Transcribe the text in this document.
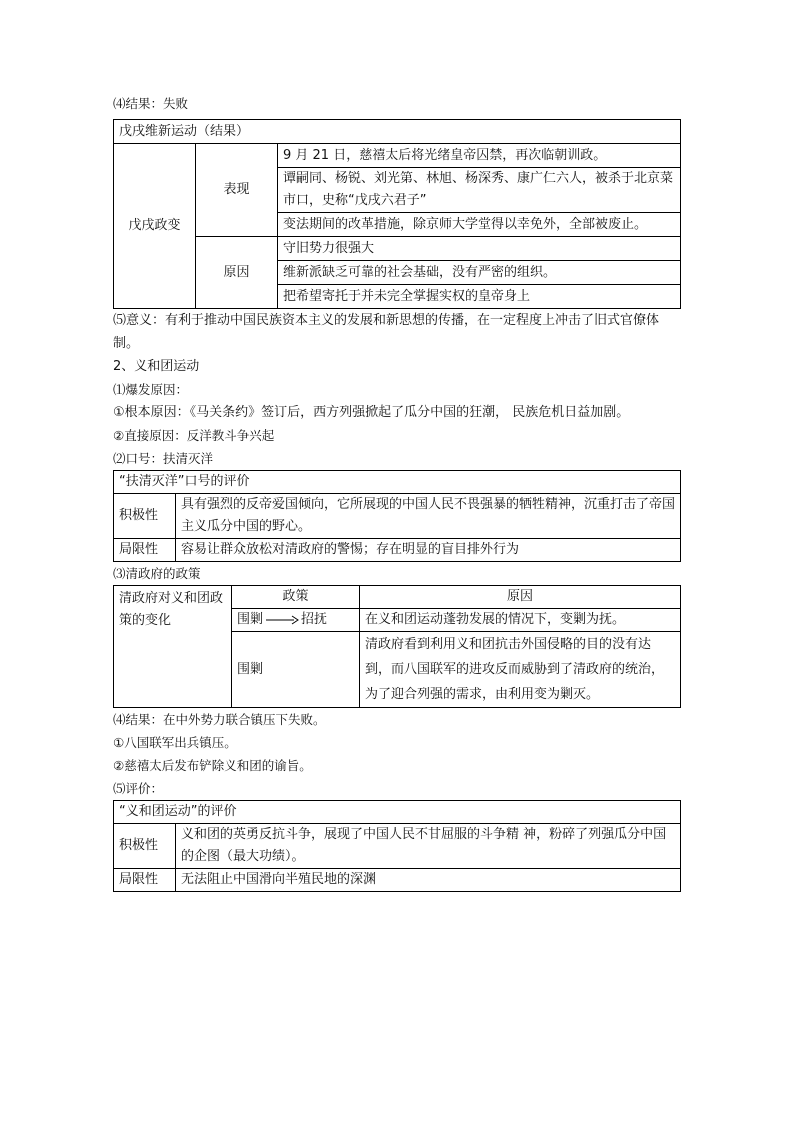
⑷结果：失败

戊戌维新运动（结果）		
戊戌政变	表现	9 月 21 日，慈禧太后将光绪皇帝囚禁，再次临朝训政。
		谭嗣同、杨锐、刘光第、林旭、杨深秀、康广仁六人，被杀于北京菜市口，史称“戊戌六君子”
		变法期间的改革措施，除京师大学堂得以幸免外，全部被废止。
	原因	守旧势力很强大
		维新派缺乏可靠的社会基础，没有严密的组织。
		把希望寄托于并未完全掌握实权的皇帝身上

⑸意义：有利于推动中国民族资本主义的发展和新思想的传播，在一定程度上冲击了旧式官僚体制。

2、义和团运动

⑴爆发原因：

①根本原因：《马关条约》签订后，西方列强掀起了瓜分中国的狂潮， 民族危机日益加剧。

②直接原因：反洋教斗争兴起

⑵口号：扶清灭洋

“扶清灭洋”口号的评价	
积极性	具有强烈的反帝爱国倾向，它所展现的中国人民不畏强暴的牺牲精神，沉重打击了帝国主义瓜分中国的野心。
局限性	容易让群众放松对清政府的警惕；存在明显的盲目排外行为

⑶清政府的政策

清政府对义和团政策的变化	政策	原因
	围剿 招抚	在义和团运动蓬勃发展的情况下，变剿为抚。
	围剿	清政府看到利用义和团抗击外国侵略的目的没有达到，而八国联军的进攻反而威胁到了清政府的统治，为了迎合列强的需求，由利用变为剿灭。

⑷结果：在中外势力联合镇压下失败。

①八国联军出兵镇压。

②慈禧太后发布铲除义和团的谕旨。

⑸评价：

“义和团运动”的评价	
积极性	义和团的英勇反抗斗争，展现了中国人民不甘屈服的斗争精 神，粉碎了列强瓜分中国的企图（最大功绩）。
局限性	无法阻止中国滑向半殖民地的深渊
